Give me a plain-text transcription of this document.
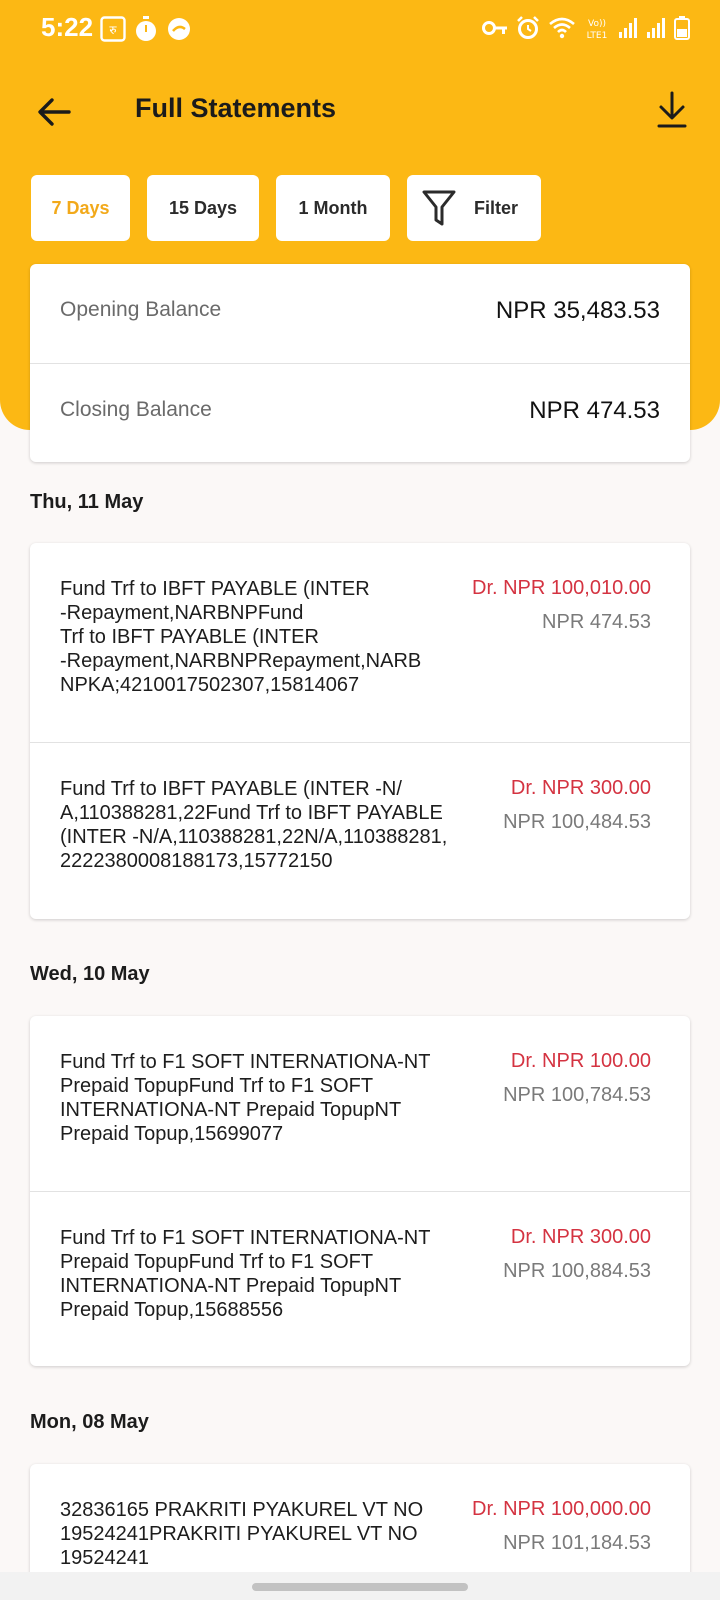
5:22 रु	Vo))
LTE1
Full Statements
7 Days	15 Days	1 Month	Filter
Opening Balance	NPR 35,483.53
Closing Balance	NPR 474.53
Thu, 11 May
Fund Trf to IBFT PAYABLE (INTER
-Repayment,NARBNPFund
Trf to IBFT PAYABLE (INTER
-Repayment,NARBNPRepayment,NARB
NPKA;4210017502307,15814067
Dr. NPR 100,010.00
NPR 474.53
Fund Trf to IBFT PAYABLE (INTER -N/
A,110388281,22Fund Trf to IBFT PAYABLE
(INTER -N/A,110388281,22N/A,110388281,
2222380008188173,15772150
Dr. NPR 300.00
NPR 100,484.53
Wed, 10 May
Fund Trf to F1 SOFT INTERNATIONA-NT
Prepaid TopupFund Trf to F1 SOFT
INTERNATIONA-NT Prepaid TopupNT
Prepaid Topup,15699077
Dr. NPR 100.00
NPR 100,784.53
Fund Trf to F1 SOFT INTERNATIONA-NT
Prepaid TopupFund Trf to F1 SOFT
INTERNATIONA-NT Prepaid TopupNT
Prepaid Topup,15688556
Dr. NPR 300.00
NPR 100,884.53
Mon, 08 May
32836165 PRAKRITI PYAKUREL VT NO
19524241PRAKRITI PYAKUREL VT NO
19524241
Dr. NPR 100,000.00
NPR 101,184.53
